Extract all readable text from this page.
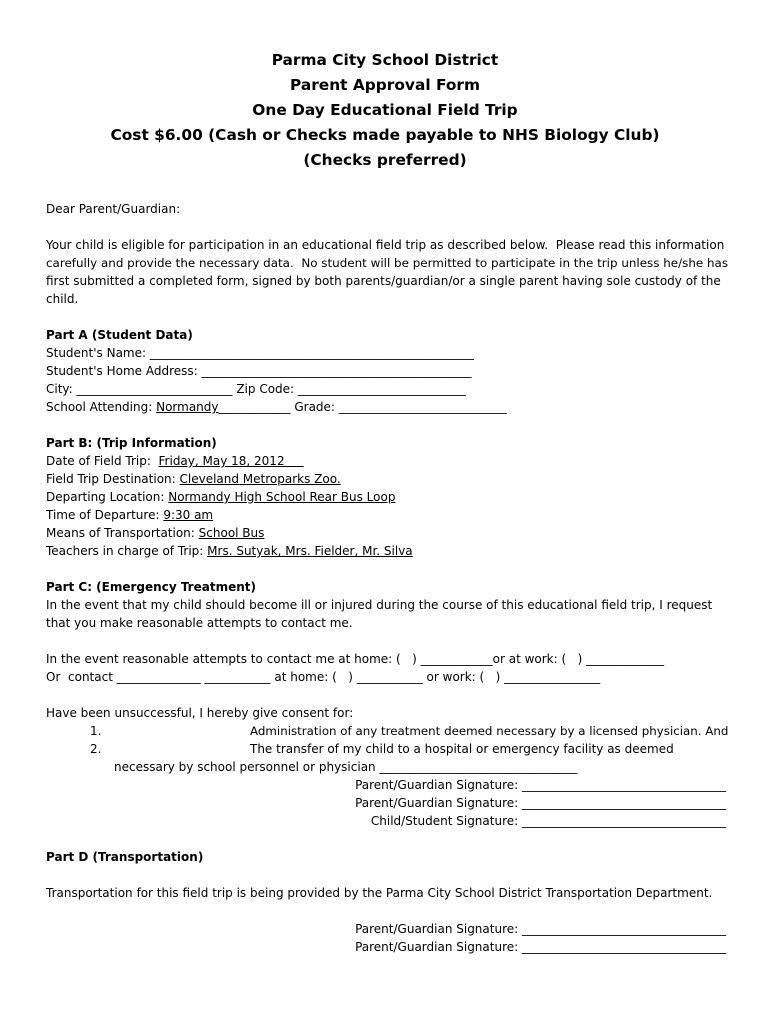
Parma City School District
Parent Approval Form
One Day Educational Field Trip
Cost $6.00 (Cash or Checks made payable to NHS Biology Club)
(Checks preferred)
Dear Parent/Guardian:
Your child is eligible for participation in an educational field trip as described below.  Please read this information
carefully and provide the necessary data.  No student will be permitted to participate in the trip unless he/she has
first submitted a completed form, signed by both parents/guardian/or a single parent having sole custody of the
child.
Part A (Student Data)
Student's Name: ______________________________________________________
Student's Home Address: _____________________________________________
City: __________________________ Zip Code: ____________________________
School Attending: Normandy____________ Grade: ____________________________
Part B: (Trip Information)
Date of Field Trip:  Friday, May 18, 2012
Field Trip Destination: Cleveland Metroparks Zoo.
Departing Location: Normandy High School Rear Bus Loop
Time of Departure: 9:30 am
Means of Transportation: School Bus
Teachers in charge of Trip: Mrs. Sutyak, Mrs. Fielder, Mr. Silva
Part C: (Emergency Treatment)
In the event that my child should become ill or injured during the course of this educational field trip, I request
that you make reasonable attempts to contact me.
In the event reasonable attempts to contact me at home: (   ) ____________or at work: (   ) _____________
Or  contact ______________ ___________ at home: (   ) ___________ or work: (   ) ________________
Have been unsuccessful, I hereby give consent for:
1.	Administration of any treatment deemed necessary by a licensed physician. And
2.	The transfer of my child to a hospital or emergency facility as deemed
necessary by school personnel or physician _________________________________
Parent/Guardian Signature: __________________________________
Parent/Guardian Signature: __________________________________
Child/Student Signature: __________________________________
Part D (Transportation)
Transportation for this field trip is being provided by the Parma City School District Transportation Department.
Parent/Guardian Signature: __________________________________
Parent/Guardian Signature: __________________________________
